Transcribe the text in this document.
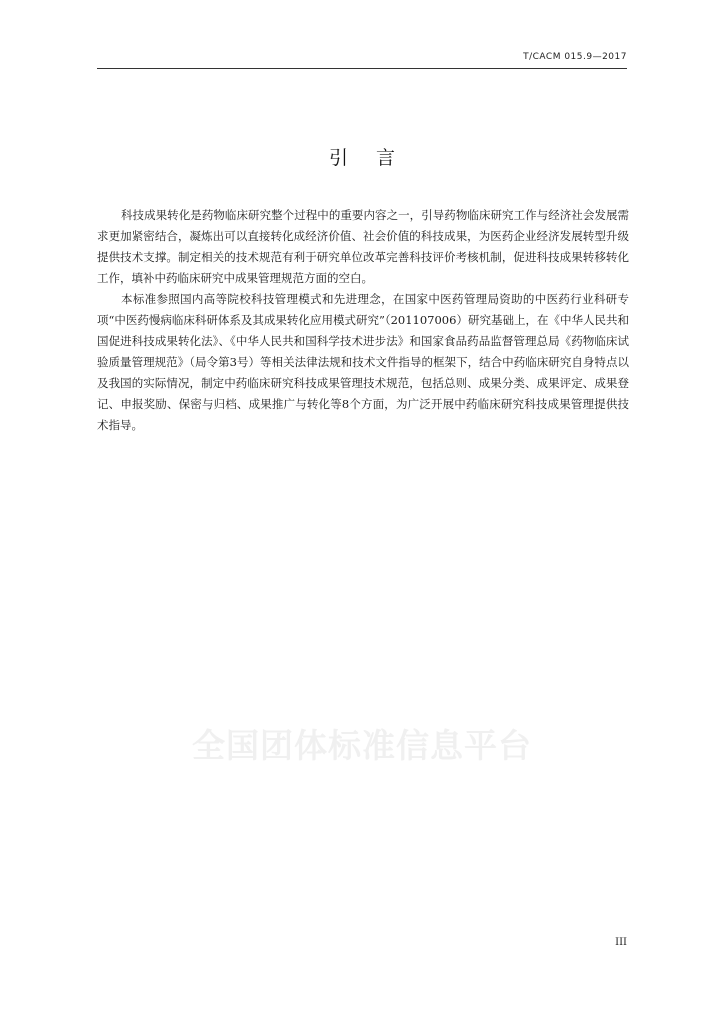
T/CACM 015.9—2017
引言

科技成果转化是药物临床研究整个过程中的重要内容之一，引导药物临床研究工作与经济社会发展需求更加紧密结合，凝炼出可以直接转化成经济价值、社会价值的科技成果，为医药企业经济发展转型升级提供技术支撑。制定相关的技术规范有利于研究单位改革完善科技评价考核机制，促进科技成果转移转化工作，填补中药临床研究中成果管理规范方面的空白。

本标准参照国内高等院校科技管理模式和先进理念，在国家中医药管理局资助的中医药行业科研专项“中医药慢病临床科研体系及其成果转化应用模式研究”（201107006）研究基础上，在《中华人民共和国促进科技成果转化法》、《中华人民共和国科学技术进步法》和国家食品药品监督管理总局《药物临床试验质量管理规范》（局令第3号）等相关法律法规和技术文件指导的框架下，结合中药临床研究自身特点以及我国的实际情况，制定中药临床研究科技成果管理技术规范，包括总则、成果分类、成果评定、成果登记、申报奖励、保密与归档、成果推广与转化等8个方面，为广泛开展中药临床研究科技成果管理提供技术指导。

全国团体标准信息平台
III
